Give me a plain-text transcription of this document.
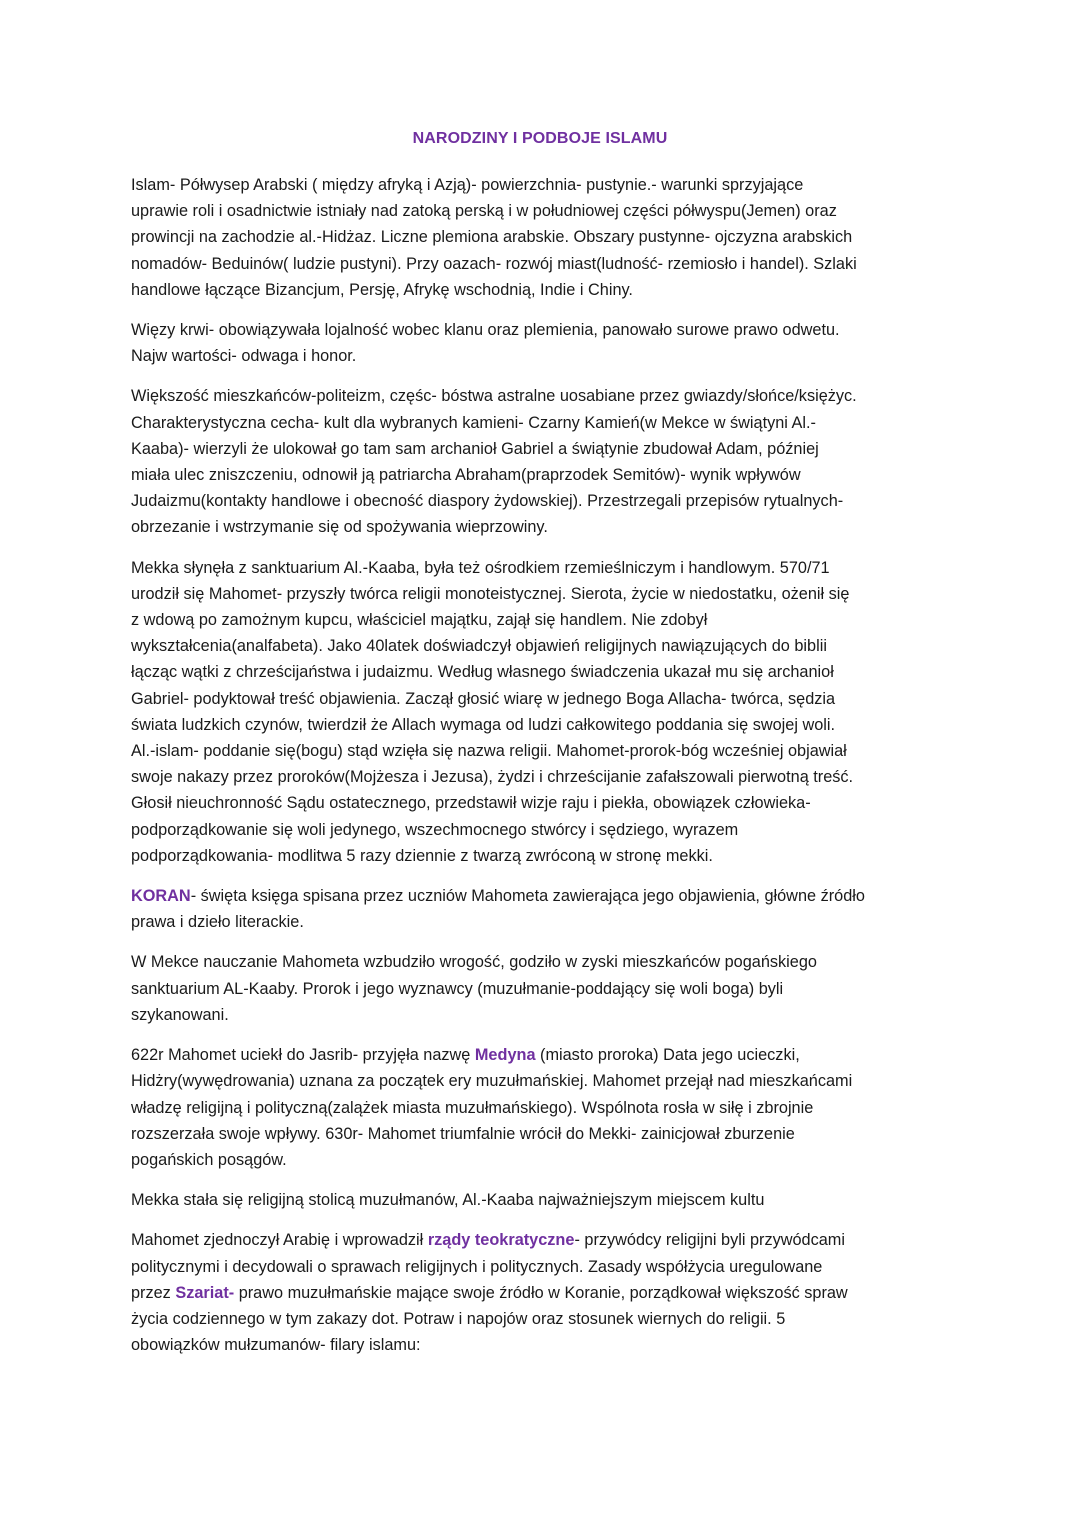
NARODZINY I PODBOJE ISLAMU

Islam- Półwysep Arabski ( między afryką i Azją)- powierzchnia- pustynie.- warunki sprzyjające
uprawie roli i osadnictwie istniały nad zatoką perską i w południowej części półwyspu(Jemen) oraz
prowincji na zachodzie al.-Hidżaz. Liczne plemiona arabskie. Obszary pustynne- ojczyzna arabskich
nomadów- Beduinów( ludzie pustyni). Przy oazach- rozwój miast(ludność- rzemiosło i handel). Szlaki
handlowe łączące Bizancjum, Persję, Afrykę wschodnią, Indie i Chiny.

Więzy krwi- obowiązywała lojalność wobec klanu oraz plemienia, panowało surowe prawo odwetu.
Najw wartości- odwaga i honor.

Większość mieszkańców-politeizm, częśc- bóstwa astralne uosabiane przez gwiazdy/słońce/księżyc.
Charakterystyczna cecha- kult dla wybranych kamieni- Czarny Kamień(w Mekce w świątyni Al.-
Kaaba)- wierzyli że ulokował go tam sam archanioł Gabriel a świątynie zbudował Adam, później
miała ulec zniszczeniu, odnowił ją patriarcha Abraham(praprzodek Semitów)- wynik wpływów
Judaizmu(kontakty handlowe i obecność diaspory żydowskiej). Przestrzegali przepisów rytualnych-
obrzezanie i wstrzymanie się od spożywania wieprzowiny.

Mekka słynęła z sanktuarium Al.-Kaaba, była też ośrodkiem rzemieślniczym i handlowym. 570/71
urodził się Mahomet- przyszły twórca religii monoteistycznej. Sierota, życie w niedostatku, ożenił się
z wdową po zamożnym kupcu, właściciel majątku, zajął się handlem. Nie zdobył
wykształcenia(analfabeta). Jako 40latek doświadczył objawień religijnych nawiązujących do biblii
łącząc wątki z chrześcijaństwa i judaizmu. Według własnego świadczenia ukazał mu się archanioł
Gabriel- podyktował treść objawienia. Zaczął głosić wiarę w jednego Boga Allacha- twórca, sędzia
świata ludzkich czynów, twierdził że Allach wymaga od ludzi całkowitego poddania się swojej woli.
Al.-islam- poddanie się(bogu) stąd wzięła się nazwa religii. Mahomet-prorok-bóg wcześniej objawiał
swoje nakazy przez proroków(Mojżesza i Jezusa), żydzi i chrześcijanie zafałszowali pierwotną treść.
Głosił nieuchronność Sądu ostatecznego, przedstawił wizje raju i piekła, obowiązek człowieka-
podporządkowanie się woli jedynego, wszechmocnego stwórcy i sędziego, wyrazem
podporządkowania- modlitwa 5 razy dziennie z twarzą zwróconą w stronę mekki.

KORAN- święta księga spisana przez uczniów Mahometa zawierająca jego objawienia, główne źródło
prawa i dzieło literackie.

W Mekce nauczanie Mahometa wzbudziło wrogość, godziło w zyski mieszkańców pogańskiego
sanktuarium AL-Kaaby. Prorok i jego wyznawcy (muzułmanie-poddający się woli boga) byli
szykanowani.

622r Mahomet uciekł do Jasrib- przyjęła nazwę Medyna (miasto proroka) Data jego ucieczki,
Hidżry(wywędrowania) uznana za początek ery muzułmańskiej. Mahomet przejął nad mieszkańcami
władzę religijną i polityczną(zalążek miasta muzułmańskiego). Wspólnota rosła w siłę i zbrojnie
rozszerzała swoje wpływy. 630r- Mahomet triumfalnie wrócił do Mekki- zainicjował zburzenie
pogańskich posągów.

Mekka stała się religijną stolicą muzułmanów, Al.-Kaaba najważniejszym miejscem kultu

Mahomet zjednoczył Arabię i wprowadził rządy teokratyczne- przywódcy religijni byli przywódcami
politycznymi i decydowali o sprawach religijnych i politycznych. Zasady współżycia uregulowane
przez Szariat- prawo muzułmańskie mające swoje źródło w Koranie, porządkował większość spraw
życia codziennego w tym zakazy dot. Potraw i napojów oraz stosunek wiernych do religii. 5
obowiązków mułzumanów- filary islamu:
